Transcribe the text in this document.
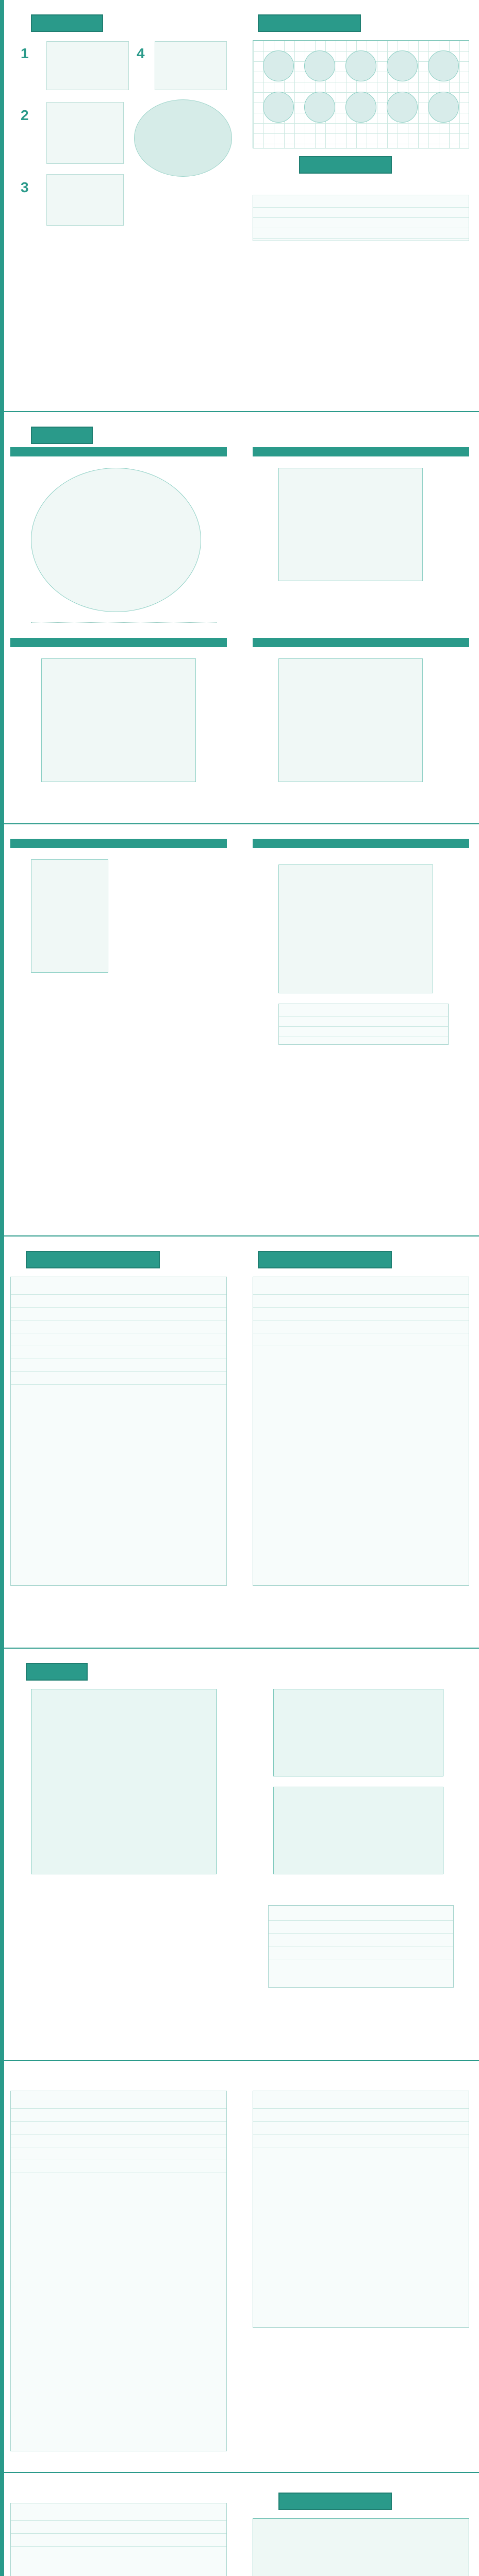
1	4
2
3
